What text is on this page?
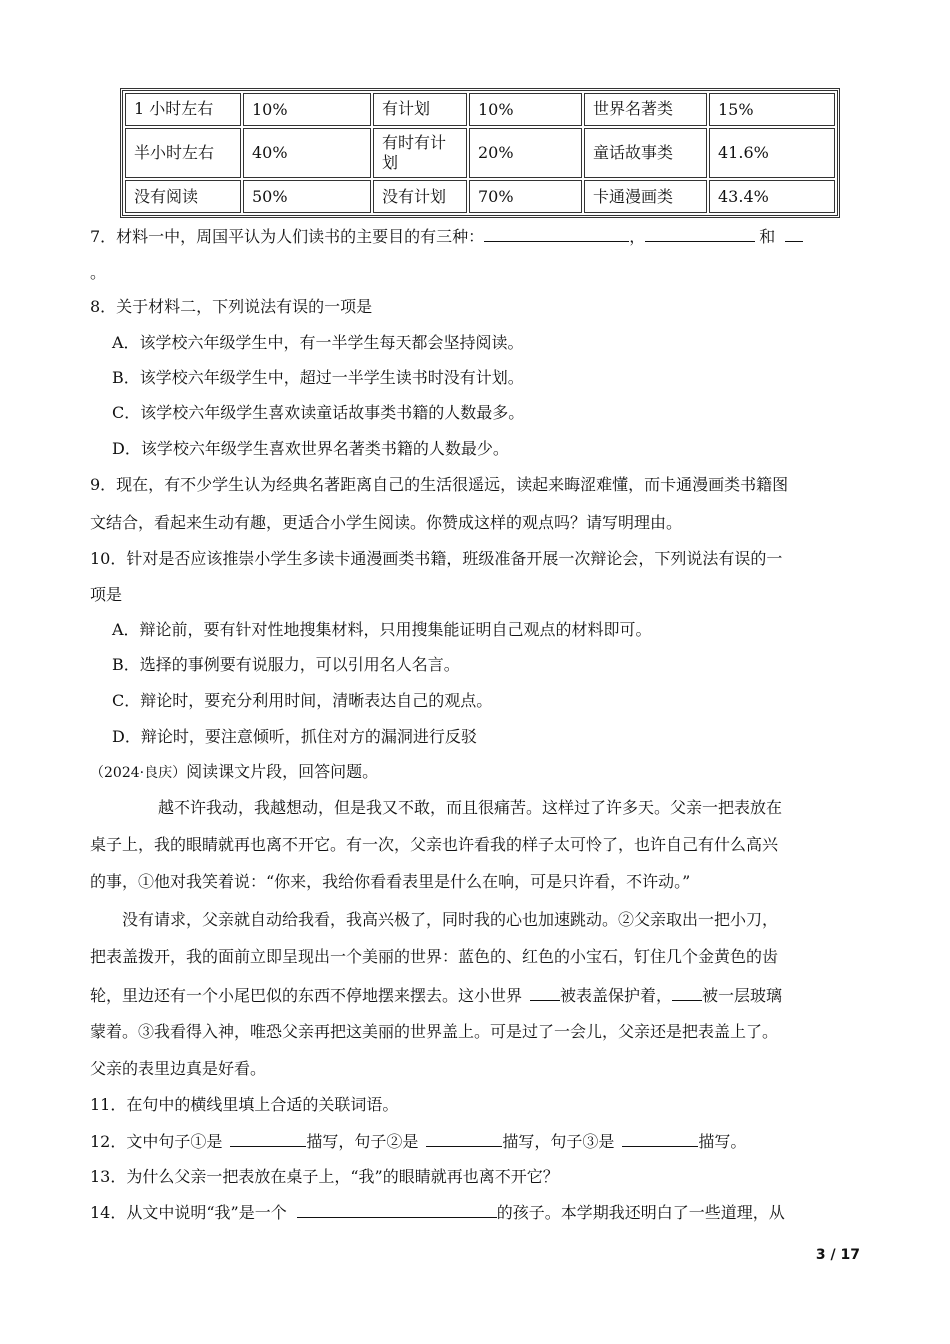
1 小时左右	10%	有计划	10%	世界名著类	15%
半小时左右	40%	有时有计划	20%	童话故事类	41.6%
没有阅读	50%	没有计划	70%	卡通漫画类	43.4%
7．材料一中，周国平认为人们读书的主要目的有三种：	，	和
。
8．关于材料二，下列说法有误的一项是
A．该学校六年级学生中，有一半学生每天都会坚持阅读。
B．该学校六年级学生中，超过一半学生读书时没有计划。
C．该学校六年级学生喜欢读童话故事类书籍的人数最多。
D．该学校六年级学生喜欢世界名著类书籍的人数最少。
9．现在，有不少学生认为经典名著距离自己的生活很遥远，读起来晦涩难懂，而卡通漫画类书籍图
文结合，看起来生动有趣，更适合小学生阅读。你赞成这样的观点吗？请写明理由。
10．针对是否应该推崇小学生多读卡通漫画类书籍，班级准备开展一次辩论会，下列说法有误的一
项是
A．辩论前，要有针对性地搜集材料，只用搜集能证明自己观点的材料即可。
B．选择的事例要有说服力，可以引用名人名言。
C．辩论时，要充分利用时间，清晰表达自己的观点。
D．辩论时，要注意倾听，抓住对方的漏洞进行反驳
（2024·良庆）阅读课文片段，回答问题。
越不许我动，我越想动，但是我又不敢，而且很痛苦。这样过了许多天。父亲一把表放在
桌子上，我的眼睛就再也离不开它。有一次，父亲也许看我的样子太可怜了，也许自己有什么高兴
的事，①他对我笑着说：“你来，我给你看看表里是什么在响，可是只许看，不许动。”
没有请求，父亲就自动给我看，我高兴极了，同时我的心也加速跳动。②父亲取出一把小刀，
把表盖拨开，我的面前立即呈现出一个美丽的世界：蓝色的、红色的小宝石，钉住几个金黄色的齿
轮，里边还有一个小尾巴似的东西不停地摆来摆去。这小世界 被表盖保护着， 被一层玻璃
蒙着。③我看得入神，唯恐父亲再把这美丽的世界盖上。可是过了一会儿，父亲还是把表盖上了。
父亲的表里边真是好看。
11．在句中的横线里填上合适的关联词语。
12．文中句子①是	描写，句子②是	描写，句子③是	描写。
13．为什么父亲一把表放在桌子上，“我”的眼睛就再也离不开它？
14．从文中说明“我”是一个	的孩子。本学期我还明白了一些道理，从
3 / 17
